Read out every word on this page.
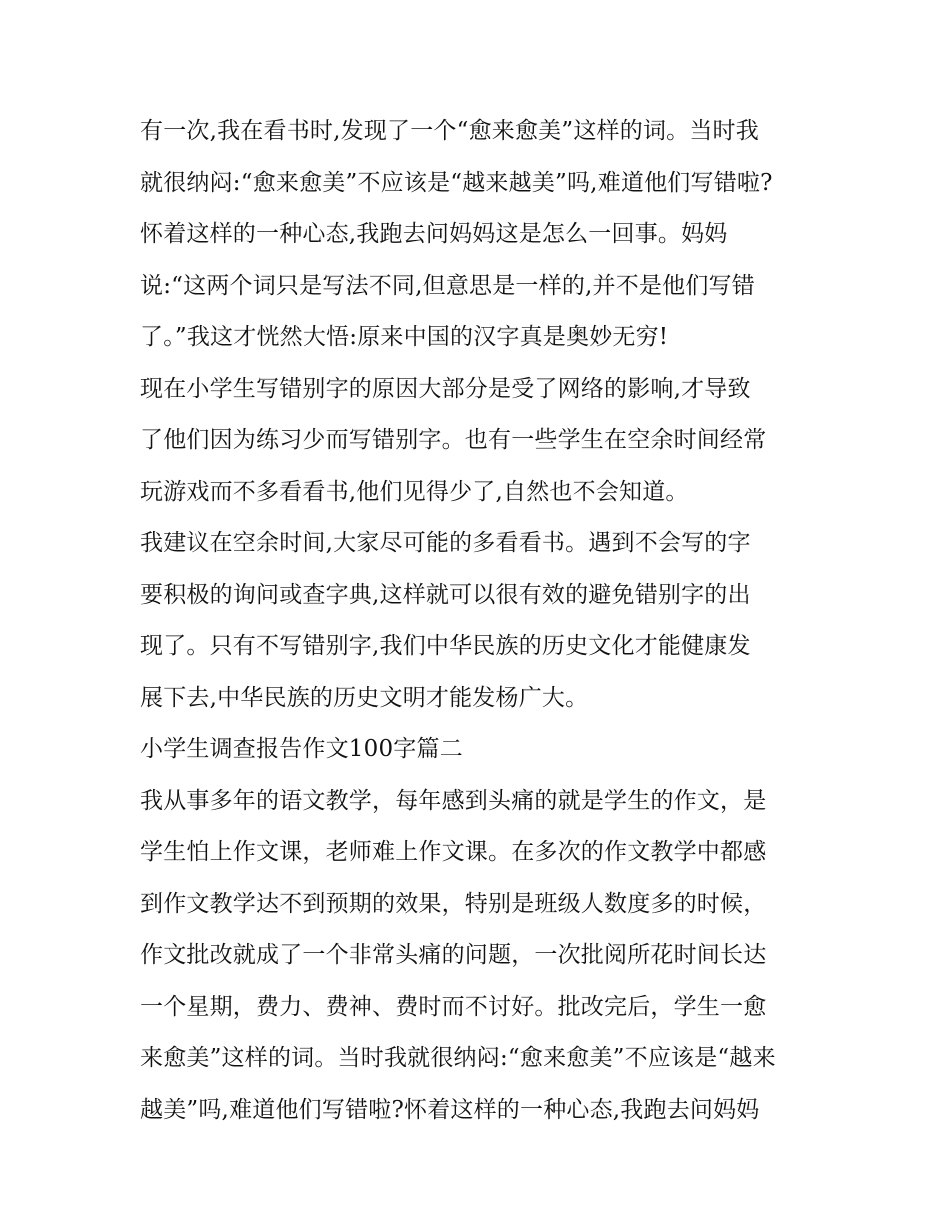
有一次,我在看书时,发现了一个“愈来愈美”这样的词。当时我
就很纳闷:“愈来愈美”不应该是“越来越美”吗,难道他们写错啦?
怀着这样的一种心态,我跑去问妈妈这是怎么一回事。妈妈
说:“这两个词只是写法不同,但意思是一样的,并不是他们写错
了。”我这才恍然大悟:原来中国的汉字真是奥妙无穷!
现在小学生写错别字的原因大部分是受了网络的影响,才导致
了他们因为练习少而写错别字。也有一些学生在空余时间经常
玩游戏而不多看看书,他们见得少了,自然也不会知道。
我建议在空余时间,大家尽可能的多看看书。遇到不会写的字
要积极的询问或查字典,这样就可以很有效的避免错别字的出
现了。只有不写错别字,我们中华民族的历史文化才能健康发
展下去,中华民族的历史文明才能发杨广大。
小学生调查报告作文100字篇二
我从事多年的语文教学，每年感到头痛的就是学生的作文，是
学生怕上作文课，老师难上作文课。在多次的作文教学中都感
到作文教学达不到预期的效果，特别是班级人数度多的时候，
作文批改就成了一个非常头痛的问题，一次批阅所花时间长达
一个星期，费力、费神、费时而不讨好。批改完后，学生一愈
来愈美”这样的词。当时我就很纳闷:“愈来愈美”不应该是“越来
越美”吗,难道他们写错啦?怀着这样的一种心态,我跑去问妈妈
